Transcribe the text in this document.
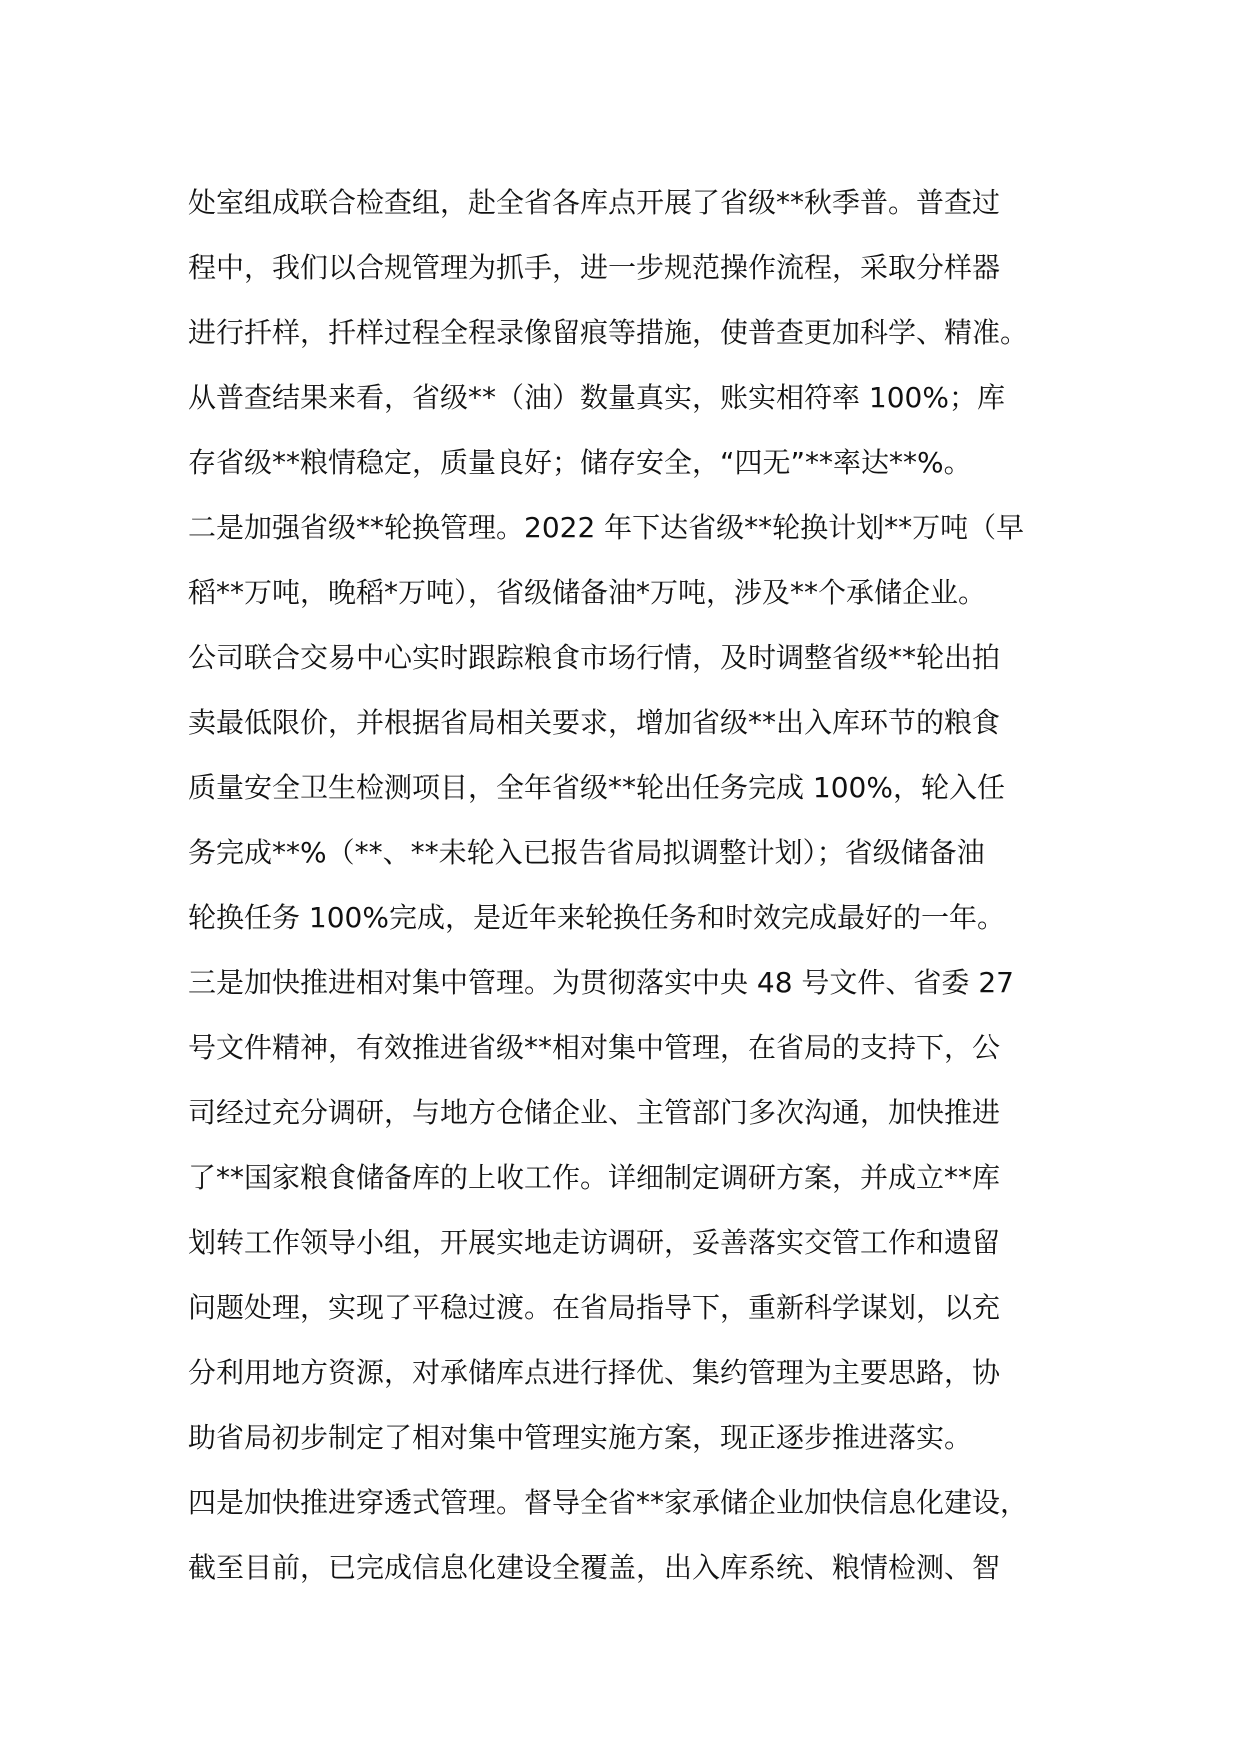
处室组成联合检查组，赴全省各库点开展了省级**秋季普。普查过
程中，我们以合规管理为抓手，进一步规范操作流程，采取分样器
进行扦样，扦样过程全程录像留痕等措施，使普查更加科学、精准。
从普查结果来看，省级**（油）数量真实，账实相符率 100%；库
存省级**粮情稳定，质量良好；储存安全，“四无”**率达**%。
二是加强省级**轮换管理。2022 年下达省级**轮换计划**万吨（早
稻**万吨，晚稻*万吨），省级储备油*万吨，涉及**个承储企业。
公司联合交易中心实时跟踪粮食市场行情，及时调整省级**轮出拍
卖最低限价，并根据省局相关要求，增加省级**出入库环节的粮食
质量安全卫生检测项目，全年省级**轮出任务完成 100%，轮入任
务完成**%（**、**未轮入已报告省局拟调整计划）；省级储备油
轮换任务 100%完成，是近年来轮换任务和时效完成最好的一年。
三是加快推进相对集中管理。为贯彻落实中央 48 号文件、省委 27
号文件精神，有效推进省级**相对集中管理，在省局的支持下，公
司经过充分调研，与地方仓储企业、主管部门多次沟通，加快推进
了**国家粮食储备库的上收工作。详细制定调研方案，并成立**库
划转工作领导小组，开展实地走访调研，妥善落实交管工作和遗留
问题处理，实现了平稳过渡。在省局指导下，重新科学谋划，以充
分利用地方资源，对承储库点进行择优、集约管理为主要思路，协
助省局初步制定了相对集中管理实施方案，现正逐步推进落实。
四是加快推进穿透式管理。督导全省**家承储企业加快信息化建设，
截至目前，已完成信息化建设全覆盖，出入库系统、粮情检测、智
